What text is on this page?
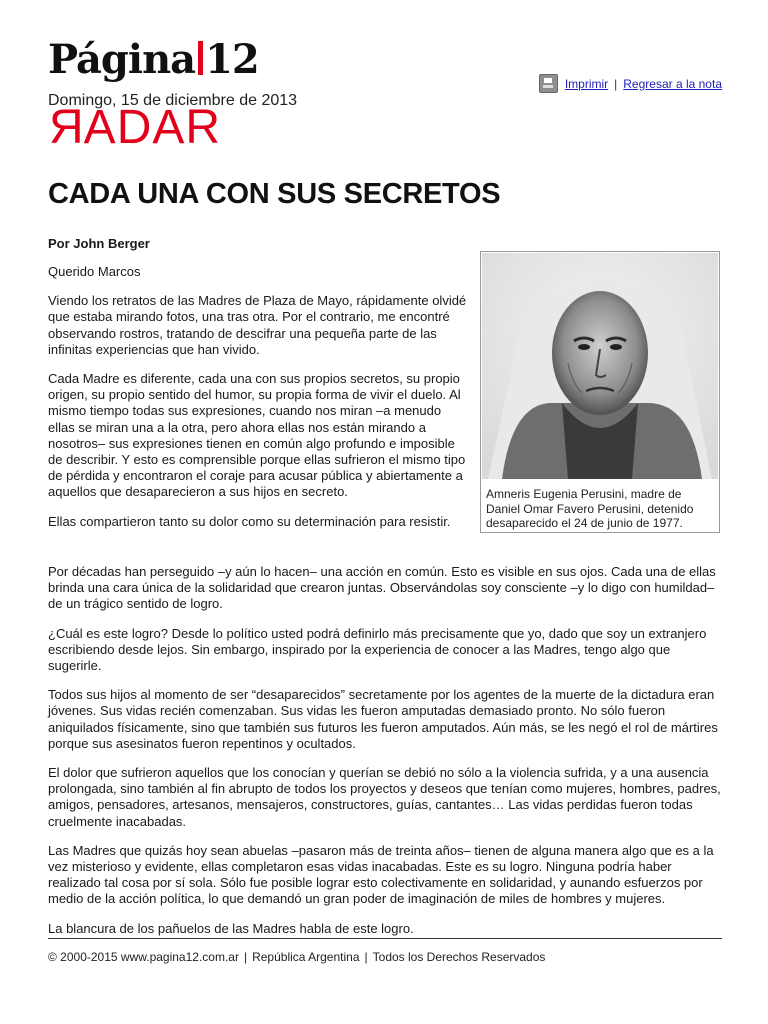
Página 12
Domingo, 15 de diciembre de 2013
RADAR
Imprimir | Regresar a la nota
CADA UNA CON SUS SECRETOS
Por John Berger

Querido Marcos

Viendo los retratos de las Madres de Plaza de Mayo, rápidamente olvidé que estaba mirando fotos, una tras otra. Por el contrario, me encontré observando rostros, tratando de descifrar una pequeña parte de las infinitas experiencias que han vivido.

Cada Madre es diferente, cada una con sus propios secretos, su propio origen, su propio sentido del humor, su propia forma de vivir el duelo. Al mismo tiempo todas sus expresiones, cuando nos miran –a menudo ellas se miran una a la otra, pero ahora ellas nos están mirando a nosotros– sus expresiones tienen en común algo profundo e imposible de describir. Y esto es comprensible porque ellas sufrieron el mismo tipo de pérdida y encontraron el coraje para acusar pública y abiertamente a aquellos que desaparecieron a sus hijos en secreto.

Ellas compartieron tanto su dolor como su determinación para resistir.

Amneris Eugenia Perusini, madre de Daniel Omar Favero Perusini, detenido desaparecido el 24 de junio de 1977.

Por décadas han perseguido –y aún lo hacen– una acción en común. Esto es visible en sus ojos. Cada una de ellas brinda una cara única de la solidaridad que crearon juntas. Observándolas soy consciente –y lo digo con humildad– de un trágico sentido de logro.

¿Cuál es este logro? Desde lo político usted podrá definirlo más precisamente que yo, dado que soy un extranjero escribiendo desde lejos. Sin embargo, inspirado por la experiencia de conocer a las Madres, tengo algo que sugerirle.

Todos sus hijos al momento de ser “desaparecidos” secretamente por los agentes de la muerte de la dictadura eran jóvenes. Sus vidas recién comenzaban. Sus vidas les fueron amputadas demasiado pronto. No sólo fueron aniquilados físicamente, sino que también sus futuros les fueron amputados. Aún más, se les negó el rol de mártires porque sus asesinatos fueron repentinos y ocultados.

El dolor que sufrieron aquellos que los conocían y querían se debió no sólo a la violencia sufrida, y a una ausencia prolongada, sino también al fin abrupto de todos los proyectos y deseos que tenían como mujeres, hombres, padres, amigos, pensadores, artesanos, mensajeros, constructores, guías, cantantes… Las vidas perdidas fueron todas cruelmente inacabadas.

Las Madres que quizás hoy sean abuelas –pasaron más de treinta años– tienen de alguna manera algo que es a la vez misterioso y evidente, ellas completaron esas vidas inacabadas. Este es su logro. Ninguna podría haber realizado tal cosa por sí sola. Sólo fue posible lograr esto colectivamente en solidaridad, y aunando esfuerzos por medio de la acción política, lo que demandó un gran poder de imaginación de miles de hombres y mujeres.

La blancura de los pañuelos de las Madres habla de este logro.

© 2000-2015 www.pagina12.com.ar | República Argentina | Todos los Derechos Reservados
